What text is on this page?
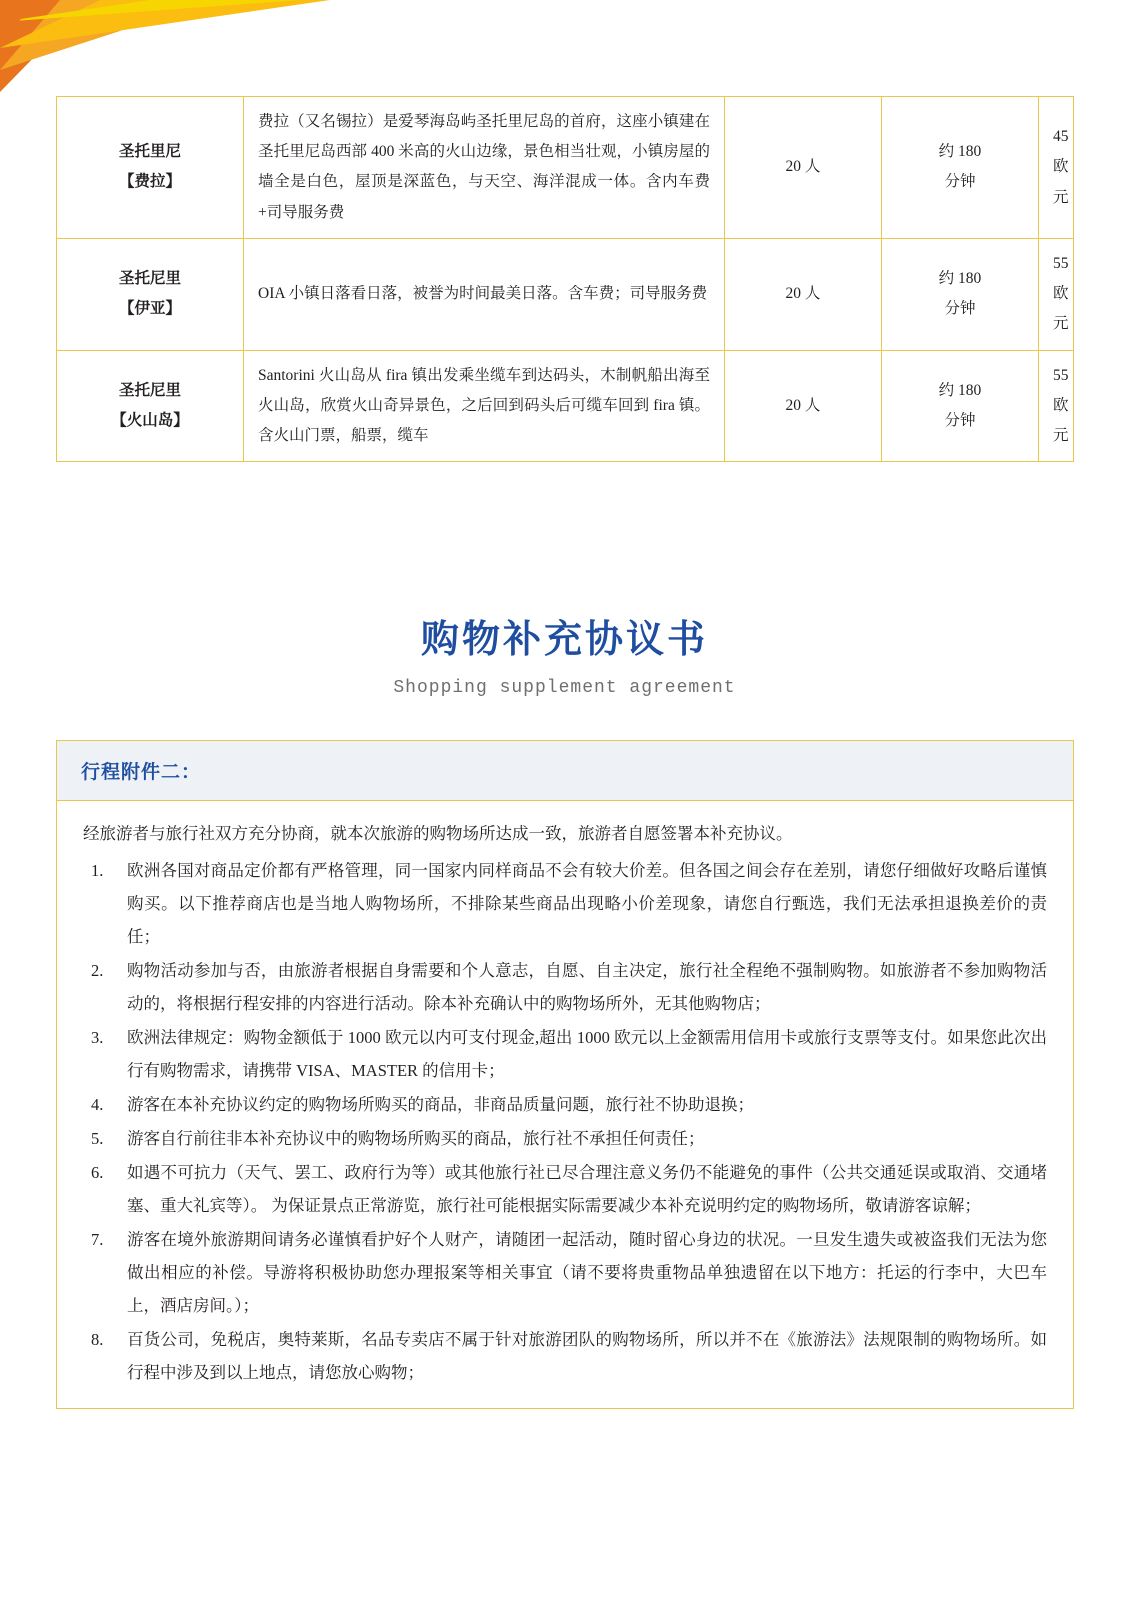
圣托里尼
【费拉】	费拉（又名锡拉）是爱琴海岛屿圣托里尼岛的首府，这座小镇建在圣托里尼岛西部 400 米高的火山边缘，景色相当壮观，小镇房屋的墙全是白色，屋顶是深蓝色，与天空、海洋混成一体。含内车费+司导服务费	20 人	约 180
分钟	45 欧元
圣托尼里
【伊亚】	OIA 小镇日落看日落，被誉为时间最美日落。含车费；司导服务费	20 人	约 180
分钟	55 欧元
圣托尼里
【火山岛】	Santorini 火山岛从 fira 镇出发乘坐缆车到达码头，木制帆船出海至火山岛，欣赏火山奇异景色，之后回到码头后可缆车回到 fira 镇。含火山门票，船票，缆车	20 人	约 180
分钟	55 欧元
购物补充协议书
Shopping supplement agreement
行程附件二：

经旅游者与旅行社双方充分协商，就本次旅游的购物场所达成一致，旅游者自愿签署本补充协议。

欧洲各国对商品定价都有严格管理，同一国家内同样商品不会有较大价差。但各国之间会存在差别，请您仔细做好攻略后谨慎购买。以下推荐商店也是当地人购物场所，不排除某些商品出现略小价差现象，请您自行甄选，我们无法承担退换差价的责任；
购物活动参加与否，由旅游者根据自身需要和个人意志，自愿、自主决定，旅行社全程绝不强制购物。如旅游者不参加购物活动的，将根据行程安排的内容进行活动。除本补充确认中的购物场所外，无其他购物店；
欧洲法律规定：购物金额低于 1000 欧元以内可支付现金,超出 1000 欧元以上金额需用信用卡或旅行支票等支付。如果您此次出行有购物需求，请携带 VISA、MASTER 的信用卡；
游客在本补充协议约定的购物场所购买的商品，非商品质量问题，旅行社不协助退换；
游客自行前往非本补充协议中的购物场所购买的商品，旅行社不承担任何责任；
如遇不可抗力（天气、罢工、政府行为等）或其他旅行社已尽合理注意义务仍不能避免的事件（公共交通延误或取消、交通堵塞、重大礼宾等）。 为保证景点正常游览，旅行社可能根据实际需要减少本补充说明约定的购物场所，敬请游客谅解；
游客在境外旅游期间请务必谨慎看护好个人财产，请随团一起活动，随时留心身边的状况。一旦发生遗失或被盗我们无法为您做出相应的补偿。导游将积极协助您办理报案等相关事宜（请不要将贵重物品单独遗留在以下地方：托运的行李中，大巴车上，酒店房间。）；
百货公司，免税店，奥特莱斯，名品专卖店不属于针对旅游团队的购物场所，所以并不在《旅游法》法规限制的购物场所。如行程中涉及到以上地点，请您放心购物；
